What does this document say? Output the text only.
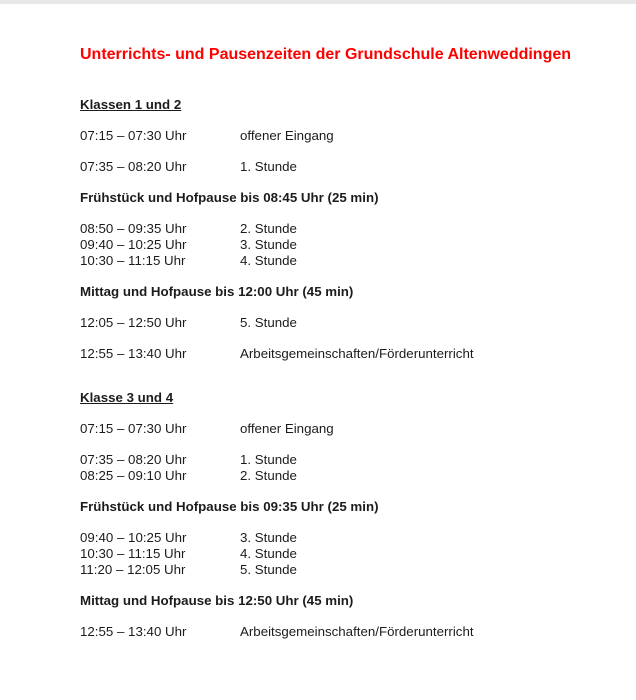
Unterrichts- und Pausenzeiten der Grundschule Altenweddingen
Klassen 1 und 2
07:15 – 07:30 Uhr	offener Eingang
07:35 – 08:20 Uhr	1. Stunde

Frühstück und Hofpause bis 08:45 Uhr (25 min)

08:50 – 09:35 Uhr	2. Stunde
09:40 – 10:25 Uhr	3. Stunde
10:30 – 11:15 Uhr	4. Stunde

Mittag und Hofpause bis 12:00 Uhr (45 min)

12:05 – 12:50 Uhr	5. Stunde
12:55 – 13:40 Uhr	Arbeitsgemeinschaften/Förderunterricht
Klasse 3 und 4
07:15 – 07:30 Uhr	offener Eingang
07:35 – 08:20 Uhr	1. Stunde
08:25 – 09:10 Uhr	2. Stunde

Frühstück und Hofpause bis 09:35 Uhr (25 min)

09:40 – 10:25 Uhr	3. Stunde
10:30 – 11:15 Uhr	4. Stunde
11:20 – 12:05 Uhr	5. Stunde

Mittag und Hofpause bis 12:50 Uhr (45 min)

12:55 – 13:40 Uhr	Arbeitsgemeinschaften/Förderunterricht
